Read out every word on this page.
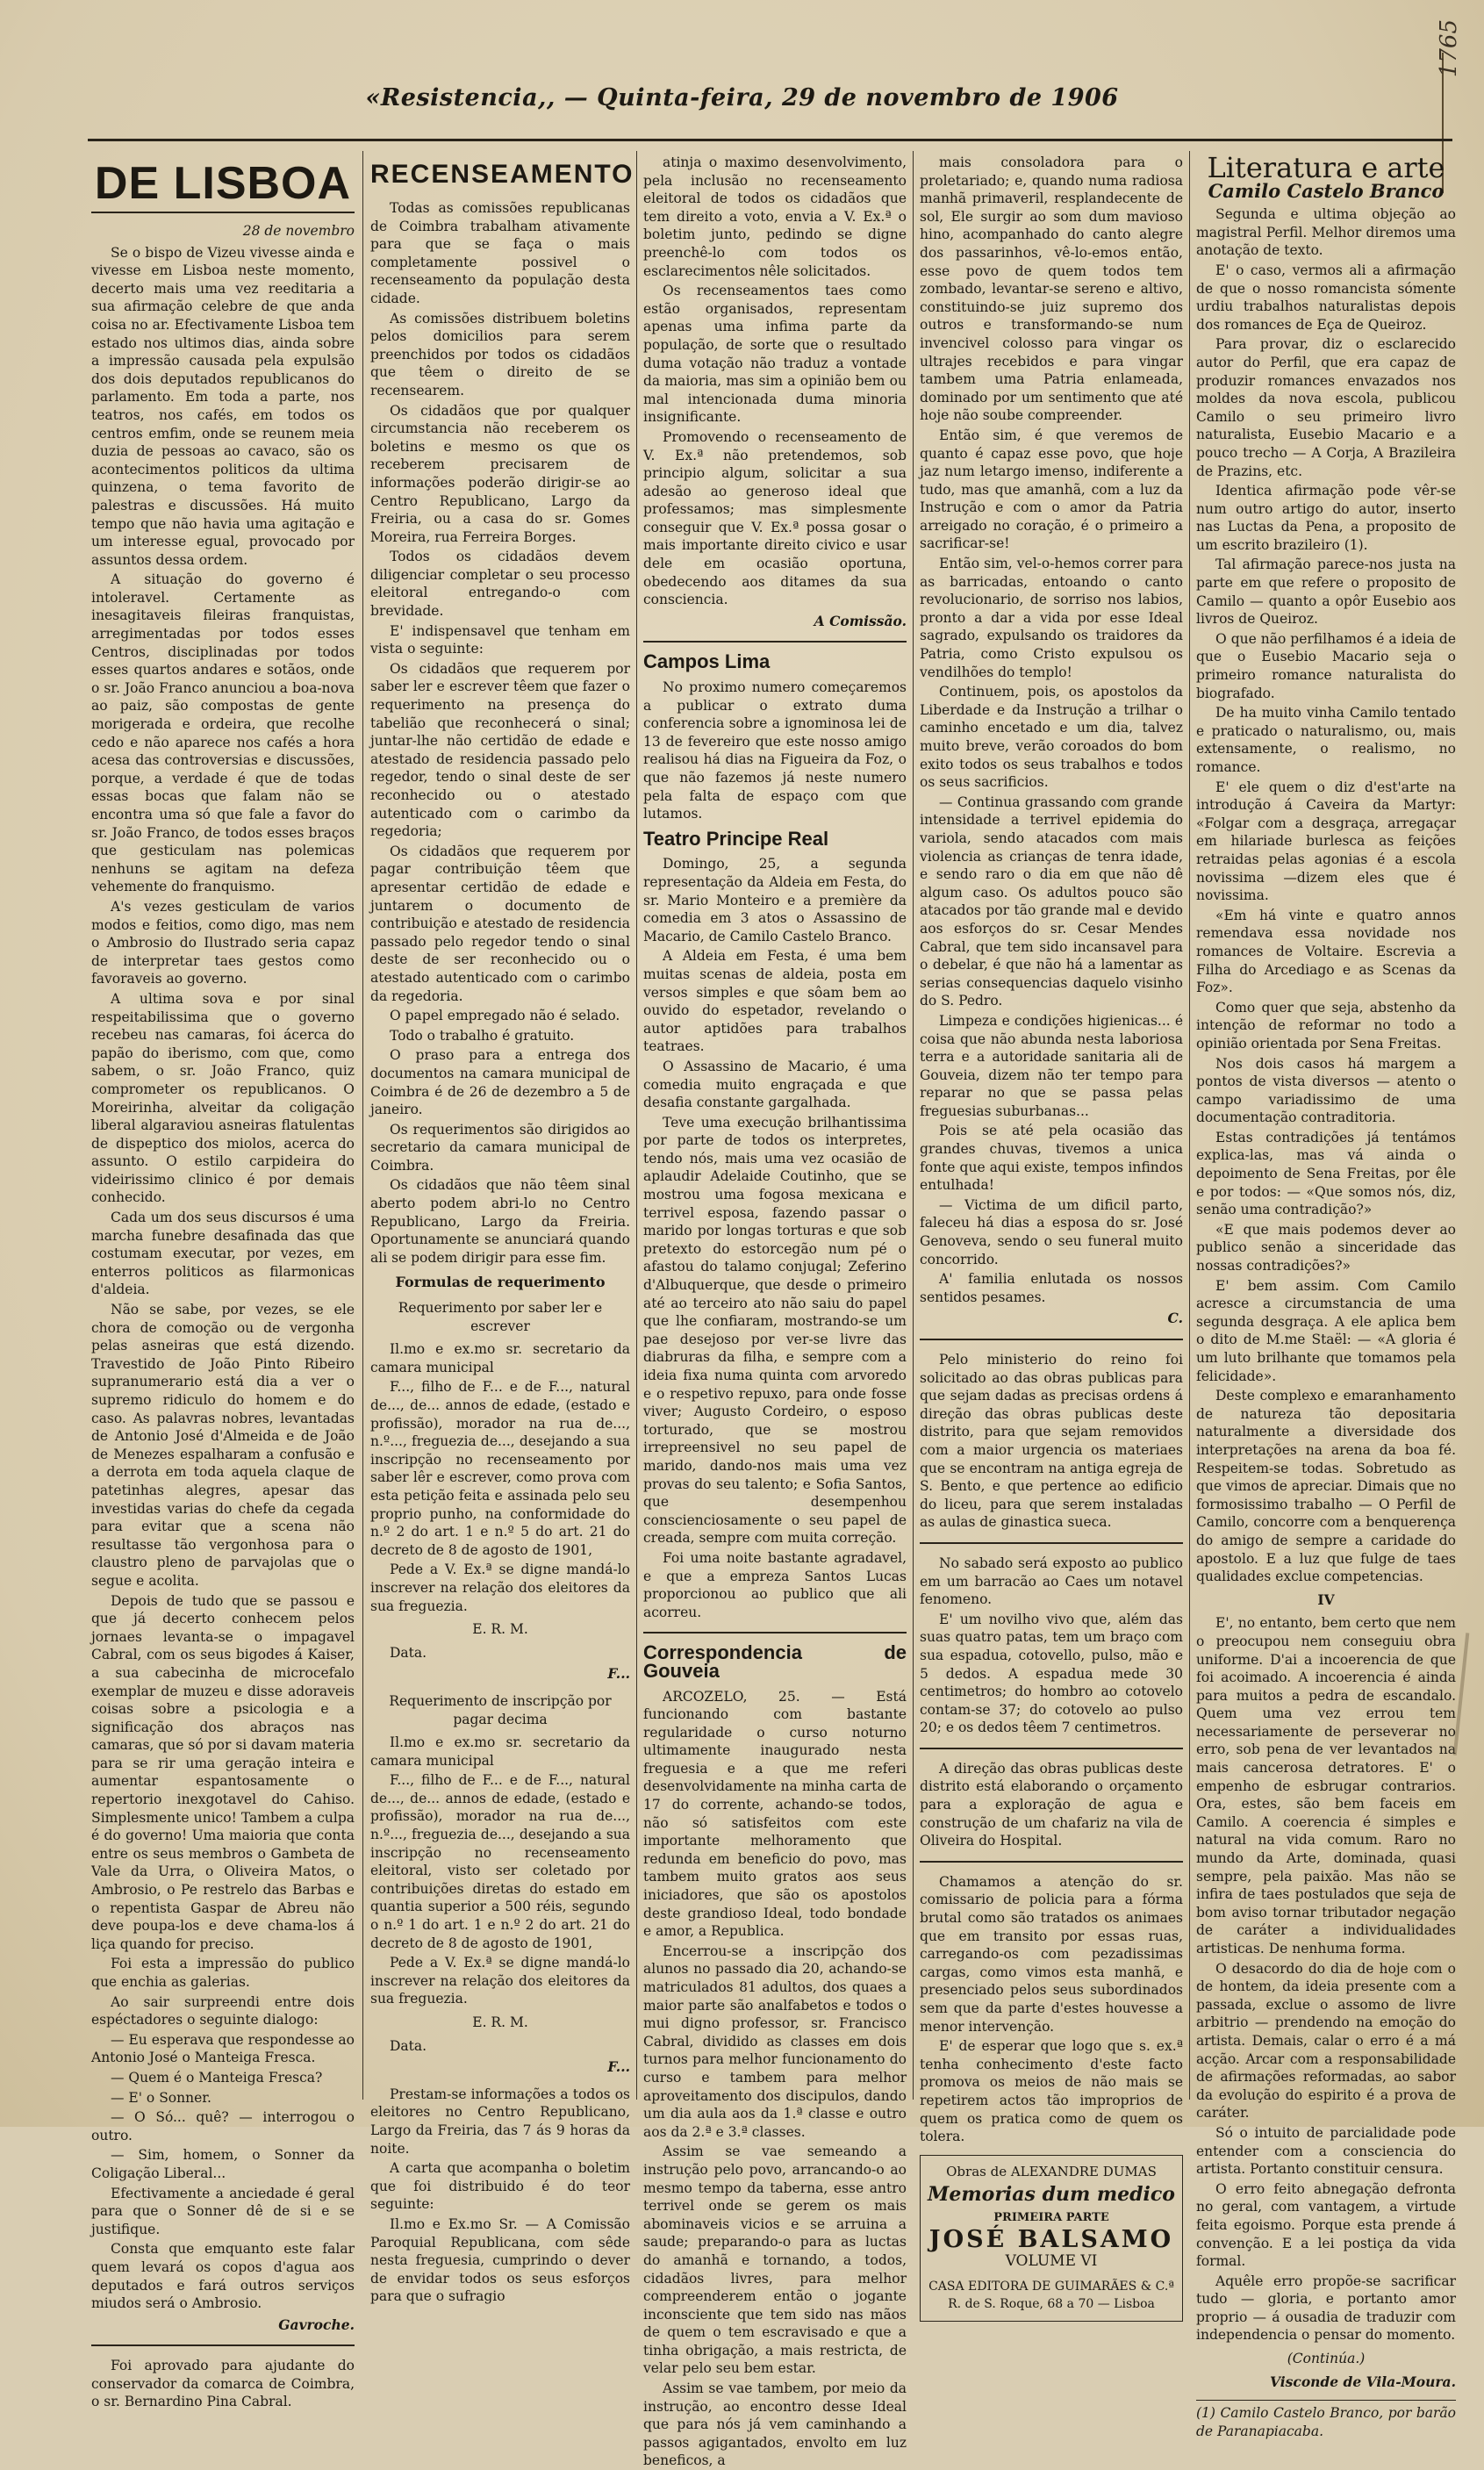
1765
«Resistencia,, — Quinta-feira, 29 de novembro de 1906
DE LISBOA
28 de novembro

Se o bispo de Vizeu vivesse ainda e vivesse em Lisboa neste momento, decerto mais uma vez reeditaria a sua afirmação celebre de que anda coisa no ar. Efectivamente Lisboa tem estado nos ultimos dias, ainda sobre a impressão causada pela expulsão dos dois deputados republicanos do parlamento. Em toda a parte, nos teatros, nos cafés, em todos os centros emfim, onde se reunem meia duzia de pessoas ao cavaco, são os acontecimentos politicos da ultima quinzena, o tema favorito de palestras e discussões. Há muito tempo que não havia uma agitação e um interesse egual, provocado por assuntos dessa ordem.

A situação do governo é intoleravel. Certamente as inesagitaveis fileiras franquistas, arregimentadas por todos esses Centros, disciplinadas por todos esses quartos andares e sotãos, onde o sr. João Franco anunciou a boa-nova ao paiz, são compostas de gente morigerada e ordeira, que recolhe cedo e não aparece nos cafés a hora acesa das controversias e discussões, porque, a verdade é que de todas essas bocas que falam não se encontra uma só que fale a favor do sr. João Franco, de todos esses braços que gesticulam nas polemicas nenhuns se agitam na defeza vehemente do franquismo.

A's vezes gesticulam de varios modos e feitios, como digo, mas nem o Ambrosio do Ilustrado seria capaz de interpretar taes gestos como favoraveis ao governo.

A ultima sova e por sinal respeitabilissima que o governo recebeu nas camaras, foi ácerca do papão do iberismo, com que, como sabem, o sr. João Franco, quiz comprometer os republicanos. O Moreirinha, alveitar da coligação liberal algaraviou asneiras flatulentas de dispeptico dos miolos, acerca do assunto. O estilo carpideira do videirissimo clinico é por demais conhecido.

Cada um dos seus discursos é uma marcha funebre desafinada das que costumam executar, por vezes, em enterros politicos as filarmonicas d'aldeia.

Não se sabe, por vezes, se ele chora de comoção ou de vergonha pelas asneiras que está dizendo. Travestido de João Pinto Ribeiro supranumerario está dia a ver o supremo ridiculo do homem e do caso. As palavras nobres, levantadas de Antonio José d'Almeida e de João de Menezes espalharam a confusão e a derrota em toda aquela claque de patetinhas alegres, apesar das investidas varias do chefe da cegada para evitar que a scena não resultasse tão vergonhosa para o claustro pleno de parvajolas que o segue e acolita.

Depois de tudo que se passou e que já decerto conhecem pelos jornaes levanta-se o impagavel Cabral, com os seus bigodes á Kaiser, a sua cabecinha de microcefalo exemplar de muzeu e disse adoraveis coisas sobre a psicologia e a significação dos abraços nas camaras, que só por si davam materia para se rir uma geração inteira e aumentar espantosamente o repertorio inexgotavel do Cahiso. Simplesmente unico! Tambem a culpa é do governo! Uma maioria que conta entre os seus membros o Gambeta de Vale da Urra, o Oliveira Matos, o Ambrosio, o Pe restrelo das Barbas e o repentista Gaspar de Abreu não deve poupa-los e deve chama-los á liça quando for preciso.

Foi esta a impressão do publico que enchia as galerias.

Ao sair surpreendi entre dois espéctadores o seguinte dialogo:

— Eu esperava que respondesse ao Antonio José o Manteiga Fresca.

— Quem é o Manteiga Fresca?

— E' o Sonner.

— O Só... quê? — interrogou o outro.

— Sim, homem, o Sonner da Coligação Liberal...

Efectivamente a anciedade é geral para que o Sonner dê de si e se justifique.

Consta que emquanto este falar quem levará os copos d'agua aos deputados e fará outros serviços miudos será o Ambrosio.

Gavroche.

Foi aprovado para ajudante do conservador da comarca de Coimbra, o sr. Bernardino Pina Cabral.

RECENSEAMENTO

Todas as comissões republicanas de Coimbra trabalham ativamente para que se faça o mais completamente possivel o recenseamento da população desta cidade.

As comissões distribuem boletins pelos domicilios para serem preenchidos por todos os cidadãos que têem o direito de se recensearem.

Os cidadãos que por qualquer circumstancia não receberem os boletins e mesmo os que os receberem precisarem de informações poderão dirigir-se ao Centro Republicano, Largo da Freiria, ou a casa do sr. Gomes Moreira, rua Ferreira Borges.

Todos os cidadãos devem diligenciar completar o seu processo eleitoral entregando-o com brevidade.

E' indispensavel que tenham em vista o seguinte:

Os cidadãos que requerem por saber ler e escrever têem que fazer o requerimento na presença do tabelião que reconhecerá o sinal; juntar-lhe não certidão de edade e atestado de residencia passado pelo regedor, tendo o sinal deste de ser reconhecido ou o atestado autenticado com o carimbo da regedoria;

Os cidadãos que requerem por pagar contribuição têem que apresentar certidão de edade e juntarem o documento de contribuição e atestado de residencia passado pelo regedor tendo o sinal deste de ser reconhecido ou o atestado autenticado com o carimbo da regedoria.

O papel empregado não é selado.

Todo o trabalho é gratuito.

O praso para a entrega dos documentos na camara municipal de Coimbra é de 26 de dezembro a 5 de janeiro.

Os requerimentos são dirigidos ao secretario da camara municipal de Coimbra.

Os cidadãos que não têem sinal aberto podem abri-lo no Centro Republicano, Largo da Freiria. Oportunamente se anunciará quando ali se podem dirigir para esse fim.

Formulas de requerimento
Requerimento por saber ler e escrever

Il.mo e ex.mo sr. secretario da camara municipal

F..., filho de F... e de F..., natural de..., de... annos de edade, (estado e profissão), morador na rua de..., n.º..., freguezia de..., desejando a sua inscripção no recenseamento por saber lêr e escrever, como prova com esta petição feita e assinada pelo seu proprio punho, na conformidade do n.º 2 do art. 1 e n.º 5 do art. 21 do decreto de 8 de agosto de 1901,

Pede a V. Ex.ª se digne mandá-lo inscrever na relação dos eleitores da sua freguezia.

E. R. M.

Data.

F...
Requerimento de inscripção por pagar decima

Il.mo e ex.mo sr. secretario da camara municipal

F..., filho de F... e de F..., natural de..., de... annos de edade, (estado e profissão), morador na rua de..., n.º..., freguezia de..., desejando a sua inscripção no recenseamento eleitoral, visto ser coletado por contribuições diretas do estado em quantia superior a 500 réis, segundo o n.º 1 do art. 1 e n.º 2 do art. 21 do decreto de 8 de agosto de 1901,

Pede a V. Ex.ª se digne mandá-lo inscrever na relação dos eleitores da sua freguezia.

E. R. M.

Data.

F...

Prestam-se informações a todos os eleitores no Centro Republicano, Largo da Freiria, das 7 ás 9 horas da noite.

A carta que acompanha o boletim que foi distribuido é do teor seguinte:

Il.mo e Ex.mo Sr. — A Comissão Paroquial Republicana, com sêde nesta freguesia, cumprindo o dever de envidar todos os seus esforços para que o sufragio

atinja o maximo desenvolvimento, pela inclusão no recenseamento eleitoral de todos os cidadãos que tem direito a voto, envia a V. Ex.ª o boletim junto, pedindo se digne preenchê-lo com todos os esclarecimentos nêle solicitados.

Os recenseamentos taes como estão organisados, representam apenas uma infima parte da população, de sorte que o resultado duma votação não traduz a vontade da maioria, mas sim a opinião bem ou mal intencionada duma minoria insignificante.

Promovendo o recenseamento de V. Ex.ª não pretendemos, sob principio algum, solicitar a sua adesão ao generoso ideal que professamos; mas simplesmente conseguir que V. Ex.ª possa gosar o mais importante direito civico e usar dele em ocasião oportuna, obedecendo aos ditames da sua consciencia.

A Comissão.
Campos Lima

No proximo numero começaremos a publicar o extrato duma conferencia sobre a ignominosa lei de 13 de fevereiro que este nosso amigo realisou há dias na Figueira da Foz, o que não fazemos já neste numero pela falta de espaço com que lutamos.

Teatro Principe Real

Domingo, 25, a segunda representação da Aldeia em Festa, do sr. Mario Monteiro e a première da comedia em 3 atos o Assassino de Macario, de Camilo Castelo Branco.

A Aldeia em Festa, é uma bem muitas scenas de aldeia, posta em versos simples e que sôam bem ao ouvido do espetador, revelando o autor aptidões para trabalhos teatraes.

O Assassino de Macario, é uma comedia muito engraçada e que desafia constante gargalhada.

Teve uma execução brilhantissima por parte de todos os interpretes, tendo nós, mais uma vez ocasião de aplaudir Adelaide Coutinho, que se mostrou uma fogosa mexicana e terrivel esposa, fazendo passar o marido por longas torturas e que sob pretexto do estorcegão num pé o afastou do talamo conjugal; Zeferino d'Albuquerque, que desde o primeiro até ao terceiro ato não saiu do papel que lhe confiaram, mostrando-se um pae desejoso por ver-se livre das diabruras da filha, e sempre com a ideia fixa numa quinta com arvoredo e o respetivo repuxo, para onde fosse viver; Augusto Cordeiro, o esposo torturado, que se mostrou irrepreensivel no seu papel de marido, dando-nos mais uma vez provas do seu talento; e Sofia Santos, que desempenhou conscienciosamente o seu papel de creada, sempre com muita correção.

Foi uma noite bastante agradavel, e que a empreza Santos Lucas proporcionou ao publico que ali acorreu.

Correspondencia de Gouveia

ARCOZELO, 25. — Está funcionando com bastante regularidade o curso noturno ultimamente inaugurado nesta freguesia e a que me referi desenvolvidamente na minha carta de 17 do corrente, achando-se todos, não só satisfeitos com este importante melhoramento que redunda em beneficio do povo, mas tambem muito gratos aos seus iniciadores, que são os apostolos deste grandioso Ideal, todo bondade e amor, a Republica.

Encerrou-se a inscripção dos alunos no passado dia 20, achando-se matriculados 81 adultos, dos quaes a maior parte são analfabetos e todos o mui digno professor, sr. Francisco Cabral, dividido as classes em dois turnos para melhor funcionamento do curso e tambem para melhor aproveitamento dos discipulos, dando um dia aula aos da 1.ª classe e outro aos da 2.ª e 3.ª classes.

Assim se vae semeando a instrução pelo povo, arrancando-o ao mesmo tempo da taberna, esse antro terrivel onde se gerem os mais abominaveis vicios e se arruina a saude; preparando-o para as luctas do amanhã e tornando, a todos, cidadãos livres, para melhor compreenderem então o jogante inconsciente que tem sido nas mãos de quem o tem escravisado e que a tinha obrigação, a mais restricta, de velar pelo seu bem estar.

Assim se vae tambem, por meio da instrução, ao encontro desse Ideal que para nós já vem caminhando a passos agigantados, envolto em luz beneficos, a

mais consoladora para o proletariado; e, quando numa radiosa manhã primaveril, resplandecente de sol, Ele surgir ao som dum mavioso hino, acompanhado do canto alegre dos passarinhos, vê-lo-emos então, esse povo de quem todos tem zombado, levantar-se sereno e altivo, constituindo-se juiz supremo dos outros e transformando-se num invencivel colosso para vingar os ultrajes recebidos e para vingar tambem uma Patria enlameada, dominado por um sentimento que até hoje não soube compreender.

Então sim, é que veremos de quanto é capaz esse povo, que hoje jaz num letargo imenso, indiferente a tudo, mas que amanhã, com a luz da Instrução e com o amor da Patria arreigado no coração, é o primeiro a sacrificar-se!

Então sim, vel-o-hemos correr para as barricadas, entoando o canto revolucionario, de sorriso nos labios, pronto a dar a vida por esse Ideal sagrado, expulsando os traidores da Patria, como Cristo expulsou os vendilhões do templo!

Continuem, pois, os apostolos da Liberdade e da Instrução a trilhar o caminho encetado e um dia, talvez muito breve, verão coroados do bom exito todos os seus trabalhos e todos os seus sacrificios.

— Continua grassando com grande intensidade a terrivel epidemia do variola, sendo atacados com mais violencia as crianças de tenra idade, e sendo raro o dia em que não dê algum caso. Os adultos pouco são atacados por tão grande mal e devido aos esforços do sr. Cesar Mendes Cabral, que tem sido incansavel para o debelar, é que não há a lamentar as serias consequencias daquelo visinho do S. Pedro.

Limpeza e condições higienicas... é coisa que não abunda nesta laboriosa terra e a autoridade sanitaria ali de Gouveia, dizem não ter tempo para reparar no que se passa pelas freguesias suburbanas...

Pois se até pela ocasião das grandes chuvas, tivemos a unica fonte que aqui existe, tempos infindos entulhada!

— Victima de um dificil parto, faleceu há dias a esposa do sr. José Genoveva, sendo o seu funeral muito concorrido.

A' familia enlutada os nossos sentidos pesames.

C.

Pelo ministerio do reino foi solicitado ao das obras publicas para que sejam dadas as precisas ordens á direção das obras publicas deste distrito, para que sejam removidos com a maior urgencia os materiaes que se encontram na antiga egreja de S. Bento, e que pertence ao edificio do liceu, para que serem instaladas as aulas de ginastica sueca.

No sabado será exposto ao publico em um barracão ao Caes um notavel fenomeno.

E' um novilho vivo que, além das suas quatro patas, tem um braço com sua espadua, cotovello, pulso, mão e 5 dedos. A espadua mede 30 centimetros; do hombro ao cotovelo contam-se 37; do cotovelo ao pulso 20; e os dedos têem 7 centimetros.

A direção das obras publicas deste distrito está elaborando o orçamento para a exploração de agua e construção de um chafariz na vila de Oliveira do Hospital.

Chamamos a atenção do sr. comissario de policia para a fórma brutal como são tratados os animaes que em transito por essas ruas, carregando-os com pezadissimas cargas, como vimos esta manhã, e presenciado pelos seus subordinados sem que da parte d'estes houvesse a menor intervenção.

E' de esperar que logo que s. ex.ª tenha conhecimento d'este facto promova os meios de não mais se repetirem actos tão improprios de quem os pratica como de quem os tolera.

Obras de ALEXANDRE DUMAS
Memorias dum medico
PRIMEIRA PARTE
JOSÉ BALSAMO
VOLUME VI
CASA EDITORA DE GUIMARÃES & C.ª R. de S. Roque, 68 a 70 — Lisboa
Literatura e arte
Camilo Castelo Branco

Segunda e ultima objeção ao magistral Perfil. Melhor diremos uma anotação de texto.

E' o caso, vermos ali a afirmação de que o nosso romancista sómente urdiu trabalhos naturalistas depois dos romances de Eça de Queiroz.

Para provar, diz o esclarecido autor do Perfil, que era capaz de produzir romances envazados nos moldes da nova escola, publicou Camilo o seu primeiro livro naturalista, Eusebio Macario e a pouco trecho — A Corja, A Brazileira de Prazins, etc.

Identica afirmação pode vêr-se num outro artigo do autor, inserto nas Luctas da Pena, a proposito de um escrito brazileiro (1).

Tal afirmação parece-nos justa na parte em que refere o proposito de Camilo — quanto a opôr Eusebio aos livros de Queiroz.

O que não perfilhamos é a ideia de que o Eusebio Macario seja o primeiro romance naturalista do biografado.

De ha muito vinha Camilo tentado e praticado o naturalismo, ou, mais extensamente, o realismo, no romance.

E' ele quem o diz d'est'arte na introdução á Caveira da Martyr: «Folgar com a desgraça, arregaçar em hilariade burlesca as feições retraidas pelas agonias é a escola novissima —dizem eles que é novissima.

«Em há vinte e quatro annos remendava essa novidade nos romances de Voltaire. Escrevia a Filha do Arcediago e as Scenas da Foz».

Como quer que seja, abstenho da intenção de reformar no todo a opinião orientada por Sena Freitas.

Nos dois casos há margem a pontos de vista diversos — atento o campo variadissimo de uma documentação contraditoria.

Estas contradições já tentámos explica-las, mas vá ainda o depoimento de Sena Freitas, por êle e por todos: — «Que somos nós, diz, senão uma contradição?»

«E que mais podemos dever ao publico senão a sinceridade das nossas contradições?»

E' bem assim. Com Camilo acresce a circumstancia de uma segunda desgraça. A ele aplica bem o dito de M.me Staël: — «A gloria é um luto brilhante que tomamos pela felicidade».

Deste complexo e emaranhamento de natureza tão depositaria naturalmente a diversidade dos interpretações na arena da boa fé. Respeitem-se todas. Sobretudo as que vimos de apreciar. Dimais que no formosissimo trabalho — O Perfil de Camilo, concorre com a benquerença do amigo de sempre a caridade do apostolo. E a luz que fulge de taes qualidades exclue competencias.

IV

E', no entanto, bem certo que nem o preocupou nem conseguiu obra uniforme. D'ai a incoerencia de que foi acoimado. A incoerencia é ainda para muitos a pedra de escandalo. Quem uma vez errou tem necessariamente de perseverar no erro, sob pena de ver levantados na mais cancerosa detratores. E' o empenho de esbrugar contrarios. Ora, estes, são bem faceis em Camilo. A coerencia é simples e natural na vida comum. Raro no mundo da Arte, dominada, quasi sempre, pela paixão. Mas não se infira de taes postulados que seja de bom aviso tornar tributador negação de caráter a individualidades artisticas. De nenhuma forma.

O desacordo do dia de hoje com o de hontem, da ideia presente com a passada, exclue o assomo de livre arbitrio — prendendo na emoção do artista. Demais, calar o erro é a má acção. Arcar com a responsabilidade de afirmações reformadas, ao sabor da evolução do espirito é a prova de caráter.

Só o intuito de parcialidade pode entender com a consciencia do artista. Portanto constituir censura.

O erro feito abnegação defronta no geral, com vantagem, a virtude feita egoismo. Porque esta prende á convenção. E a lei postiça da vida formal.

Aquêle erro propõe-se sacrificar tudo — gloria, e portanto amor proprio — á ousadia de traduzir com independencia o pensar do momento.

(Continúa.)
Visconde de Vila-Moura.
(1) Camilo Castelo Branco, por barão de Paranapiacaba.
